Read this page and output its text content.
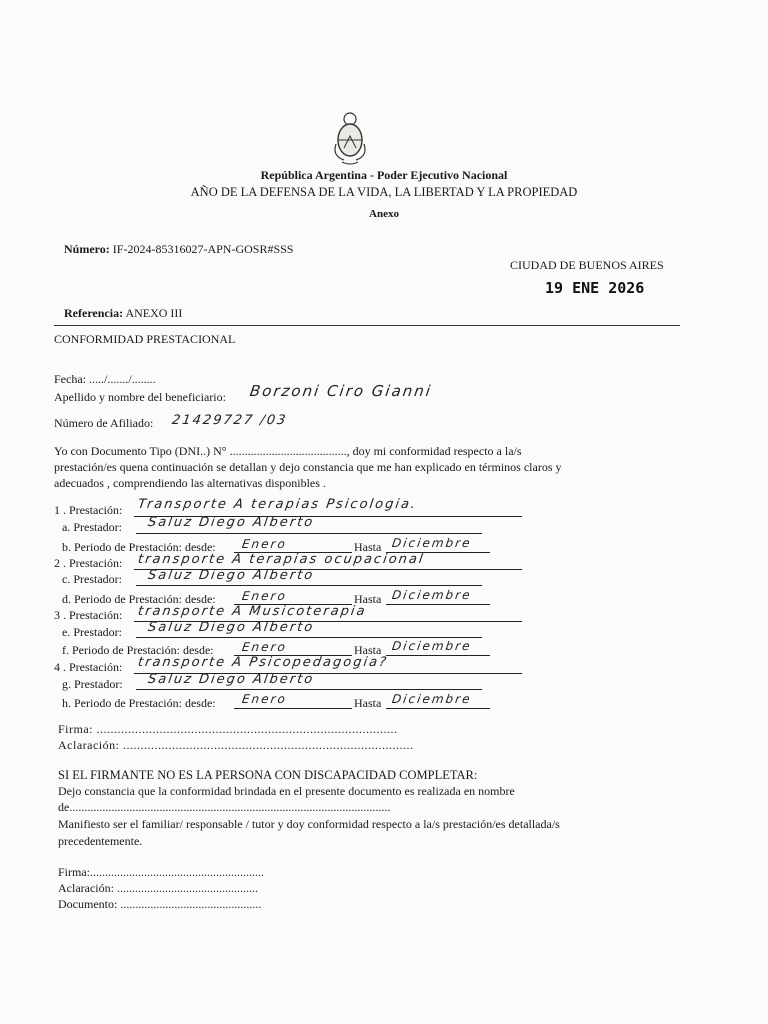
República Argentina - Poder Ejecutivo Nacional
AÑO DE LA DEFENSA DE LA VIDA, LA LIBERTAD Y LA PROPIEDAD
Anexo
Número: IF-2024-85316027-APN-GOSR#SSS
CIUDAD DE BUENOS AIRES
19 ENE 2026
Referencia: ANEXO III
CONFORMIDAD PRESTACIONAL
Fecha: ...../......./........
Apellido y nombre del beneficiario: Borzoni Ciro Gianni
Número de Afiliado: 21429727 /03
Yo con Documento Tipo (DNI..) N° ......................................., doy mi conformidad respecto a la/s
prestación/es quena continuación se detallan y dejo constancia que me han explicado en términos claros y
adecuados , comprendiendo las alternativas disponibles .
1 . Prestación: Transporte A terapias Psicologia.
a. Prestador: Saluz Diego Alberto
b. Periodo de Prestación: desde: Enero	Hasta Diciembre
2 . Prestación: transporte A terapias ocupacional
c. Prestador: Saluz Diego Alberto
d. Periodo de Prestación: desde: Enero	Hasta Diciembre
3 . Prestación: transporte A Musicoterapia
e. Prestador: Saluz Diego Alberto
f. Periodo de Prestación: desde: Enero	Hasta Diciembre
4 . Prestación: transporte A Psicopedagogia?
g. Prestador: Saluz Diego Alberto
h. Periodo de Prestación: desde: Enero	Hasta Diciembre
Firma: ......................................................................................
Aclaración: ...................................................................................
SI EL FIRMANTE NO ES LA PERSONA CON DISCAPACIDAD COMPLETAR:
Dejo constancia que la conformidad brindada en el presente documento es realizada en nombre
de...........................................................................................................
Manifiesto ser el familiar/ responsable / tutor y doy conformidad respecto a la/s prestación/es detallada/s
precedentemente.
Firma:..........................................................
Aclaración: ...............................................
Documento: ...............................................
